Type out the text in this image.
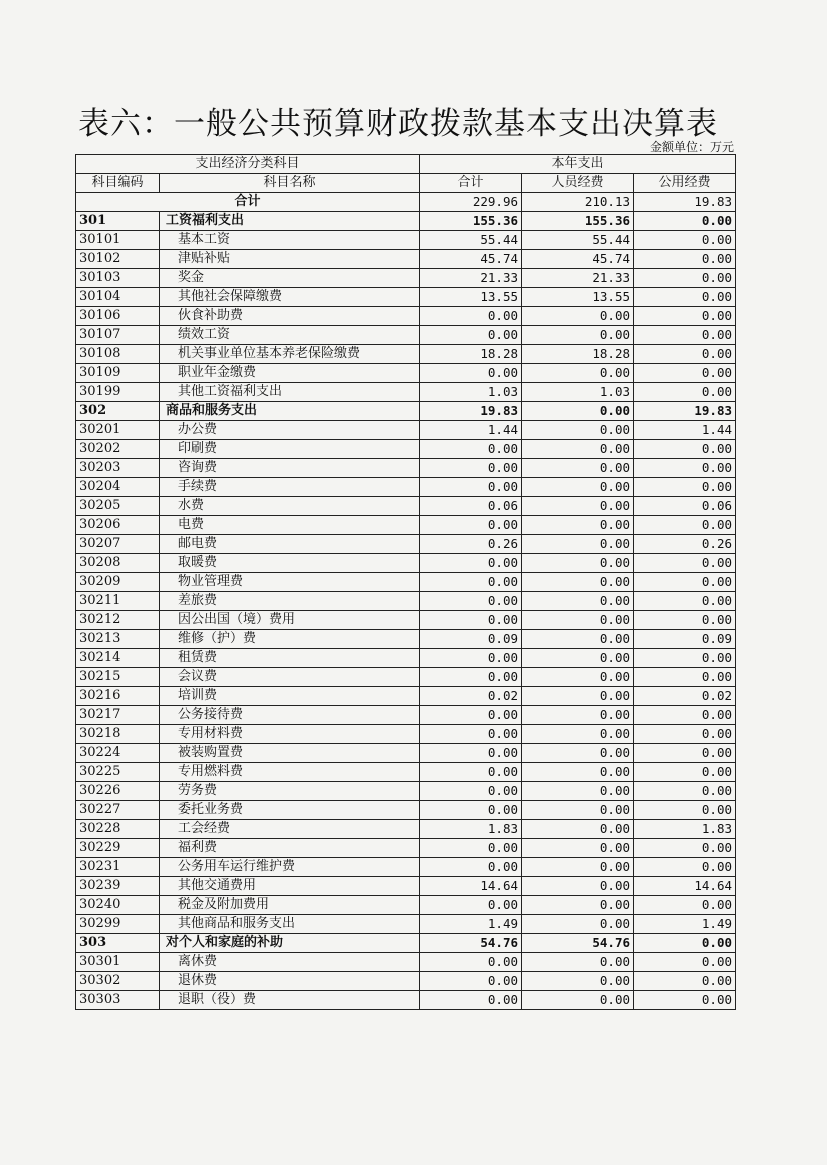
表六：一般公共预算财政拨款基本支出决算表
金额单位：万元
支出经济分类科目		本年支出		
科目编码	科目名称	合计	人员经费	公用经费
合计		229.96	210.13	19.83
301	工资福利支出	155.36	155.36	0.00
30101	基本工资	55.44	55.44	0.00
30102	津贴补贴	45.74	45.74	0.00
30103	奖金	21.33	21.33	0.00
30104	其他社会保障缴费	13.55	13.55	0.00
30106	伙食补助费	0.00	0.00	0.00
30107	绩效工资	0.00	0.00	0.00
30108	机关事业单位基本养老保险缴费	18.28	18.28	0.00
30109	职业年金缴费	0.00	0.00	0.00
30199	其他工资福利支出	1.03	1.03	0.00
302	商品和服务支出	19.83	0.00	19.83
30201	办公费	1.44	0.00	1.44
30202	印刷费	0.00	0.00	0.00
30203	咨询费	0.00	0.00	0.00
30204	手续费	0.00	0.00	0.00
30205	水费	0.06	0.00	0.06
30206	电费	0.00	0.00	0.00
30207	邮电费	0.26	0.00	0.26
30208	取暖费	0.00	0.00	0.00
30209	物业管理费	0.00	0.00	0.00
30211	差旅费	0.00	0.00	0.00
30212	因公出国（境）费用	0.00	0.00	0.00
30213	维修（护）费	0.09	0.00	0.09
30214	租赁费	0.00	0.00	0.00
30215	会议费	0.00	0.00	0.00
30216	培训费	0.02	0.00	0.02
30217	公务接待费	0.00	0.00	0.00
30218	专用材料费	0.00	0.00	0.00
30224	被装购置费	0.00	0.00	0.00
30225	专用燃料费	0.00	0.00	0.00
30226	劳务费	0.00	0.00	0.00
30227	委托业务费	0.00	0.00	0.00
30228	工会经费	1.83	0.00	1.83
30229	福利费	0.00	0.00	0.00
30231	公务用车运行维护费	0.00	0.00	0.00
30239	其他交通费用	14.64	0.00	14.64
30240	税金及附加费用	0.00	0.00	0.00
30299	其他商品和服务支出	1.49	0.00	1.49
303	对个人和家庭的补助	54.76	54.76	0.00
30301	离休费	0.00	0.00	0.00
30302	退休费	0.00	0.00	0.00
30303	退职（役）费	0.00	0.00	0.00
